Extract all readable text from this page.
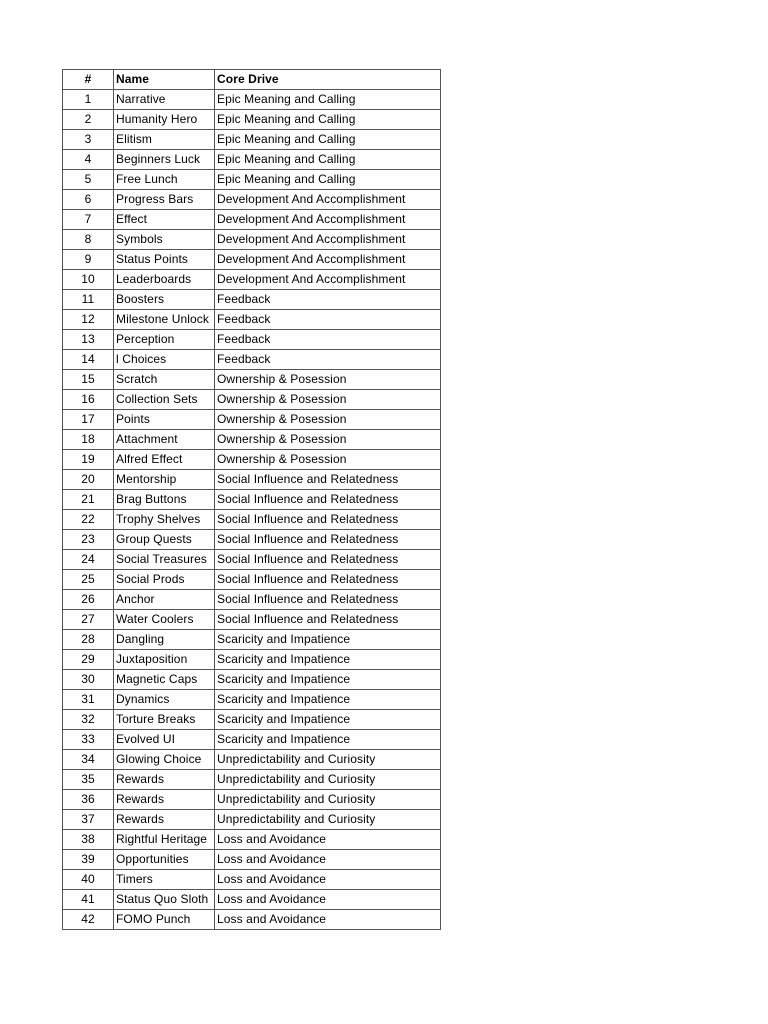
#	Name	Core Drive
1	Narrative	Epic Meaning and Calling
2	Humanity Hero	Epic Meaning and Calling
3	Elitism	Epic Meaning and Calling
4	Beginners Luck	Epic Meaning and Calling
5	Free Lunch	Epic Meaning and Calling
6	Progress Bars	Development And Accomplishment
7	Effect	Development And Accomplishment
8	Symbols	Development And Accomplishment
9	Status Points	Development And Accomplishment
10	Leaderboards	Development And Accomplishment
11	Boosters	Feedback
12	Milestone Unlock	Feedback
13	Perception	Feedback
14	l Choices	Feedback
15	Scratch	Ownership & Posession
16	Collection Sets	Ownership & Posession
17	Points	Ownership & Posession
18	Attachment	Ownership & Posession
19	Alfred Effect	Ownership & Posession
20	Mentorship	Social Influence and Relatedness
21	Brag Buttons	Social Influence and Relatedness
22	Trophy Shelves	Social Influence and Relatedness
23	Group Quests	Social Influence and Relatedness
24	Social Treasures	Social Influence and Relatedness
25	Social Prods	Social Influence and Relatedness
26	Anchor	Social Influence and Relatedness
27	Water Coolers	Social Influence and Relatedness
28	Dangling	Scaricity and Impatience
29	Juxtaposition	Scaricity and Impatience
30	Magnetic Caps	Scaricity and Impatience
31	Dynamics	Scaricity and Impatience
32	Torture Breaks	Scaricity and Impatience
33	Evolved UI	Scaricity and Impatience
34	Glowing Choice	Unpredictability and Curiosity
35	Rewards	Unpredictability and Curiosity
36	Rewards	Unpredictability and Curiosity
37	Rewards	Unpredictability and Curiosity
38	Rightful Heritage	Loss and Avoidance
39	Opportunities	Loss and Avoidance
40	Timers	Loss and Avoidance
41	Status Quo Sloth	Loss and Avoidance
42	FOMO Punch	Loss and Avoidance
